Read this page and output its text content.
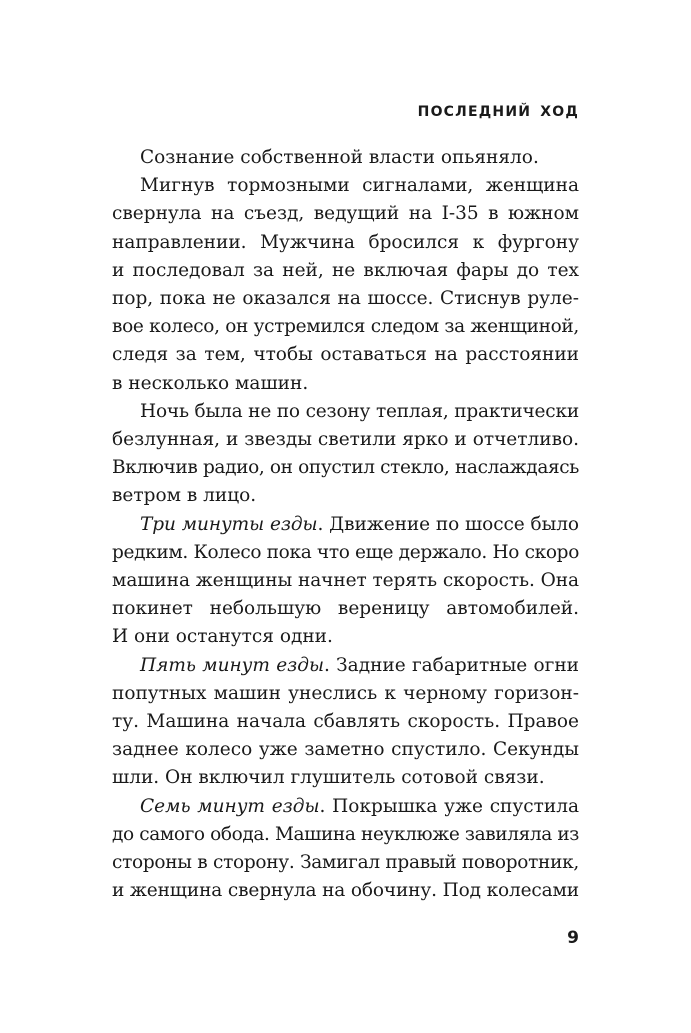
ПОСЛЕДНИЙ ХОД

Сознание собственной власти опьяняло.

Мигнув тормозными сигналами, женщина
свернула на съезд, ведущий на I-35 в южном
направлении. Мужчина бросился к фургону
и последовал за ней, не включая фары до тех
пор, пока не оказался на шоссе. Стиснув руле-
вое колесо, он устремился следом за женщиной,
следя за тем, чтобы оставаться на расстоянии
в несколько машин.

Ночь была не по сезону теплая, практически
безлунная, и звезды светили ярко и отчетливо.
Включив радио, он опустил стекло, наслаждаясь
ветром в лицо.

Три минуты езды. Движение по шоссе было
редким. Колесо пока что еще держало. Но скоро
машина женщины начнет терять скорость. Она
покинет небольшую вереницу автомобилей.
И они останутся одни.

Пять минут езды. Задние габаритные огни
попутных машин унеслись к черному горизон-
ту. Машина начала сбавлять скорость. Правое
заднее колесо уже заметно спустило. Секунды
шли. Он включил глушитель сотовой связи.

Семь минут езды. Покрышка уже спустила
до самого обода. Машина неуклюже завиляла из
стороны в сторону. Замигал правый поворотник,
и женщина свернула на обочину. Под колесами

9
